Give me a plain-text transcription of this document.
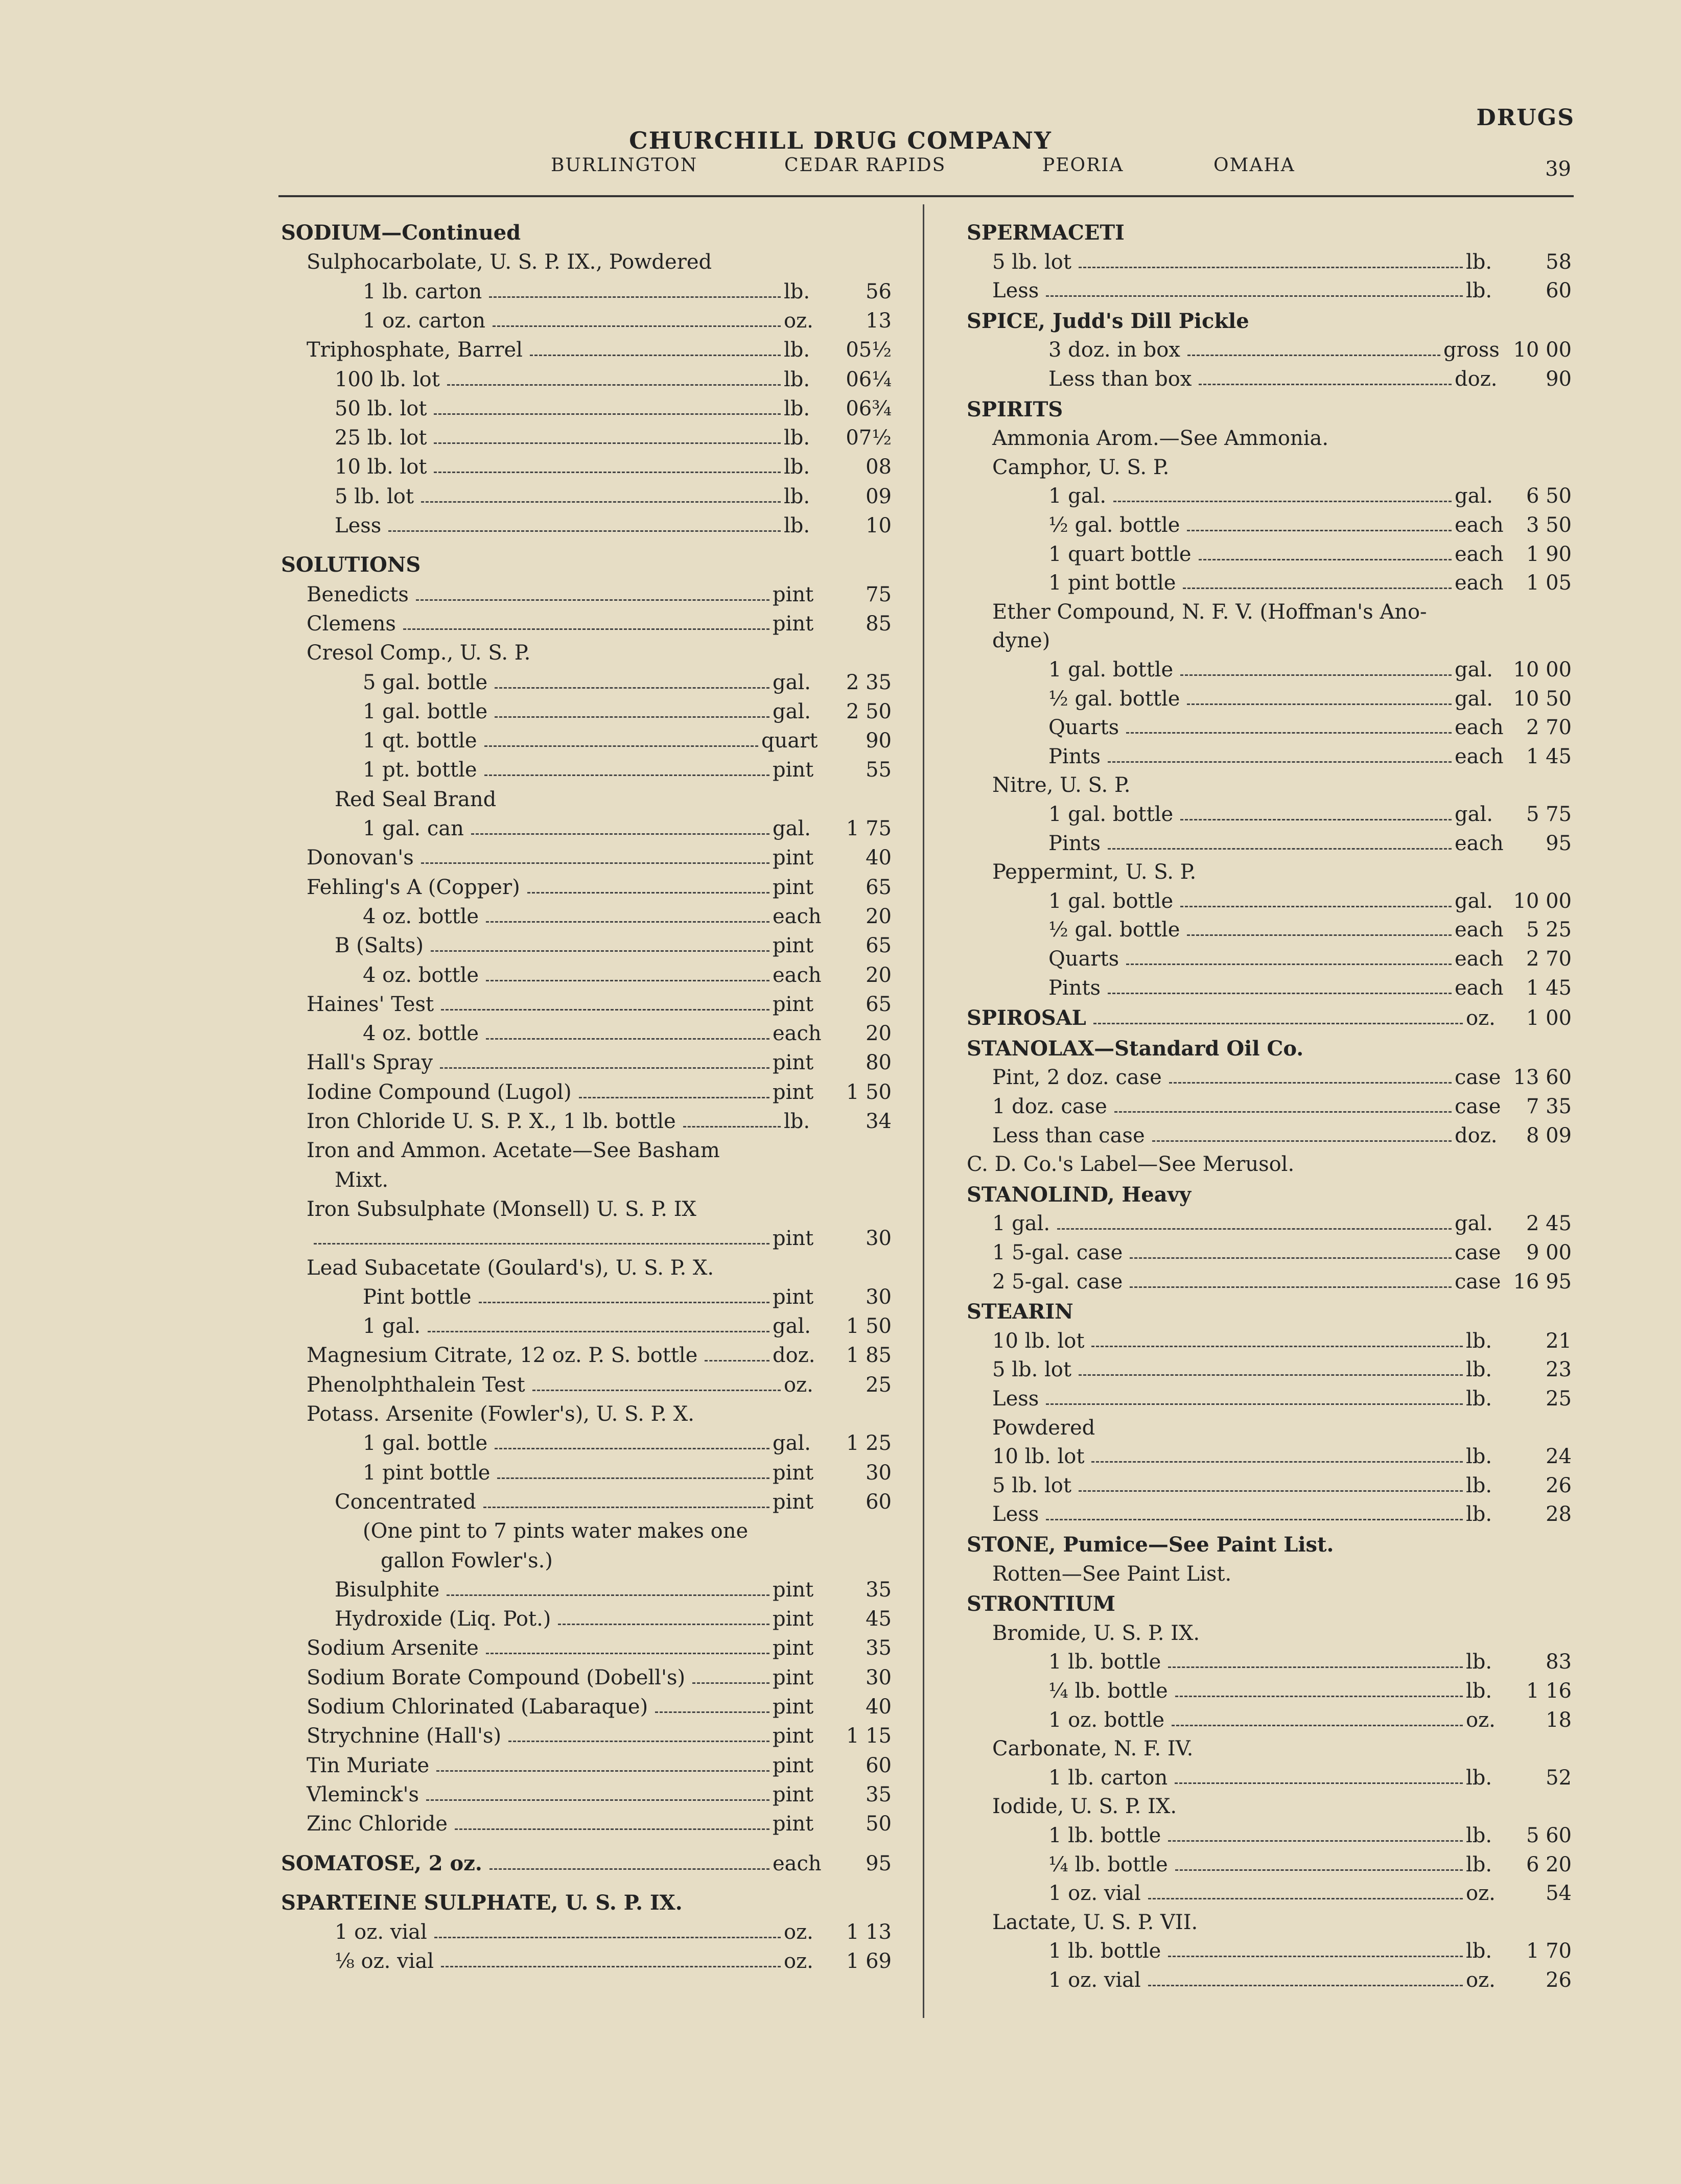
DRUGS
CHURCHILL DRUG COMPANY
BURLINGTON	CEDAR RAPIDS	PEORIA	OMAHA	39
SODIUM—Continued
Sulphocarbolate, U. S. P. IX., Powdered
1 lb. carton	lb.	56
1 oz. carton	oz.	13
Triphosphate, Barrel	lb.	05½
100 lb. lot	lb.	06¼
50 lb. lot	lb.	06¾
25 lb. lot	lb.	07½
10 lb. lot	lb.	08
5 lb. lot	lb.	09
Less	lb.	10
SOLUTIONS
Benedicts	pint	75
Clemens	pint	85
Cresol Comp., U. S. P.
5 gal. bottle	gal.	2 35
1 gal. bottle	gal.	2 50
1 qt. bottle	quart	90
1 pt. bottle	pint	55
Red Seal Brand
1 gal. can	gal.	1 75
Donovan's	pint	40
Fehling's A (Copper)	pint	65
4 oz. bottle	each	20
B (Salts)	pint	65
4 oz. bottle	each	20
Haines' Test	pint	65
4 oz. bottle	each	20
Hall's Spray	pint	80
Iodine Compound (Lugol)	pint	1 50
Iron Chloride U. S. P. X., 1 lb. bottle	lb.	34
Iron and Ammon. Acetate—See Basham
Mixt.
Iron Subsulphate (Monsell) U. S. P. IX
pint	30
Lead Subacetate (Goulard's), U. S. P. X.
Pint bottle	pint	30
1 gal.	gal.	1 50
Magnesium Citrate, 12 oz. P. S. bottle	doz.	1 85
Phenolphthalein Test	oz.	25
Potass. Arsenite (Fowler's), U. S. P. X.
1 gal. bottle	gal.	1 25
1 pint bottle	pint	30
Concentrated	pint	60
(One pint to 7 pints water makes one
gallon Fowler's.)
Bisulphite	pint	35
Hydroxide (Liq. Pot.)	pint	45
Sodium Arsenite	pint	35
Sodium Borate Compound (Dobell's)	pint	30
Sodium Chlorinated (Labaraque)	pint	40
Strychnine (Hall's)	pint	1 15
Tin Muriate	pint	60
Vleminck's	pint	35
Zinc Chloride	pint	50
SOMATOSE, 2 oz.	each	95
SPARTEINE SULPHATE, U. S. P. IX.
1 oz. vial	oz.	1 13
⅛ oz. vial	oz.	1 69
SPERMACETI
5 lb. lot	lb.	58
Less	lb.	60
SPICE, Judd's Dill Pickle
3 doz. in box	gross 10 00
Less than box	doz.	90
SPIRITS
Ammonia Arom.—See Ammonia.
Camphor, U. S. P.
1 gal.	gal.	6 50
½ gal. bottle	each	3 50
1 quart bottle	each	1 90
1 pint bottle	each	1 05
Ether Compound, N. F. V. (Hoffman's Ano-
dyne)
1 gal. bottle	gal. 10 00
½ gal. bottle	gal. 10 50
Quarts	each	2 70
Pints	each	1 45
Nitre, U. S. P.
1 gal. bottle	gal.	5 75
Pints	each	95
Peppermint, U. S. P.
1 gal. bottle	gal. 10 00
½ gal. bottle	each	5 25
Quarts	each	2 70
Pints	each	1 45
SPIROSAL	oz.	1 00
STANOLAX—Standard Oil Co.
Pint, 2 doz. case	case 13 60
1 doz. case	case	7 35
Less than case	doz.	8 09
C. D. Co.'s Label—See Merusol.
STANOLIND, Heavy
1 gal.	gal.	2 45
1 5-gal. case	case	9 00
2 5-gal. case	case 16 95
STEARIN
10 lb. lot	lb.	21
5 lb. lot	lb.	23
Less	lb.	25
Powdered
10 lb. lot	lb.	24
5 lb. lot	lb.	26
Less	lb.	28
STONE, Pumice—See Paint List.
Rotten—See Paint List.
STRONTIUM
Bromide, U. S. P. IX.
1 lb. bottle	lb.	83
¼ lb. bottle	lb.	1 16
1 oz. bottle	oz.	18
Carbonate, N. F. IV.
1 lb. carton	lb.	52
Iodide, U. S. P. IX.
1 lb. bottle	lb.	5 60
¼ lb. bottle	lb.	6 20
1 oz. vial	oz.	54
Lactate, U. S. P. VII.
1 lb. bottle	lb.	1 70
1 oz. vial	oz.	26
